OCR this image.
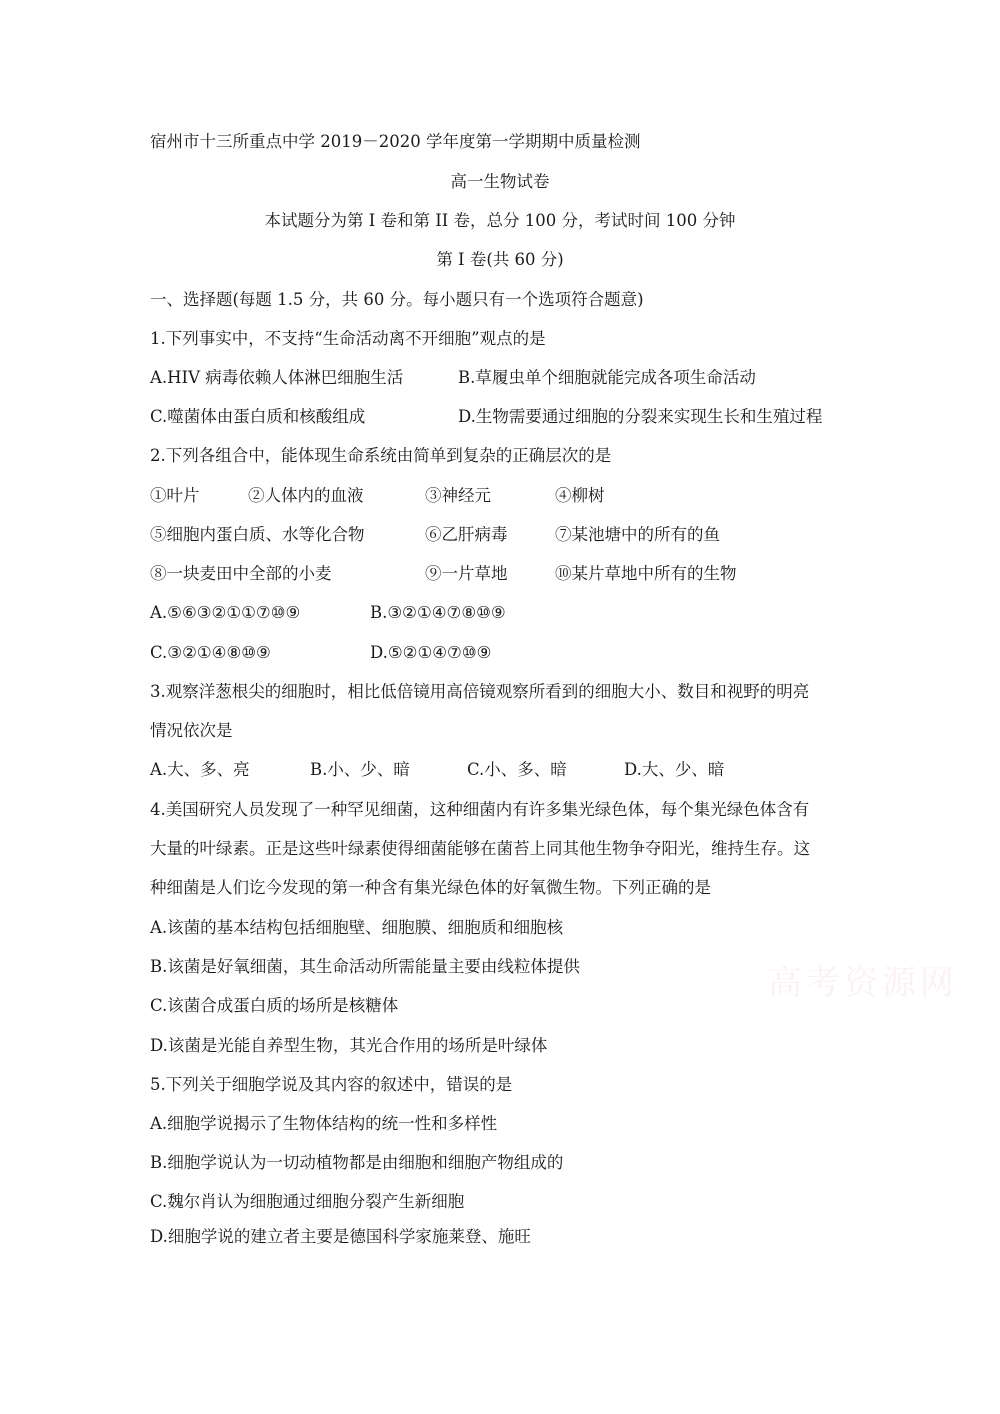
宿州市十三所重点中学 2019－2020 学年度第一学期期中质量检测
高一生物试卷
本试题分为第 I 卷和第 II 卷，总分 100 分，考试时间 100 分钟
第 I 卷(共 60 分)
一、选择题(每题 1.5 分，共 60 分。每小题只有一个选项符合题意)
1.下列事实中，不支持“生命活动离不开细胞”观点的是
A.HIV 病毒依赖人体淋巴细胞生活	B.草履虫单个细胞就能完成各项生命活动
C.噬菌体由蛋白质和核酸组成	D.生物需要通过细胞的分裂来实现生长和生殖过程
2.下列各组合中，能体现生命系统由简单到复杂的正确层次的是
①叶片	②人体内的血液	③神经元	④柳树
⑤细胞内蛋白质、水等化合物	⑥乙肝病毒	⑦某池塘中的所有的鱼
⑧一块麦田中全部的小麦	⑨一片草地	⑩某片草地中所有的生物
A.⑤⑥③②①①⑦⑩⑨	B.③②①④⑦⑧⑩⑨
C.③②①④⑧⑩⑨	D.⑤②①④⑦⑩⑨
3.观察洋葱根尖的细胞时，相比低倍镜用高倍镜观察所看到的细胞大小、数目和视野的明亮
情况依次是
A.大、多、亮	B.小、少、暗	C.小、多、暗	D.大、少、暗
4.美国研究人员发现了一种罕见细菌，这种细菌内有许多集光绿色体，每个集光绿色体含有
大量的叶绿素。正是这些叶绿素使得细菌能够在菌苔上同其他生物争夺阳光，维持生存。这
种细菌是人们讫今发现的第一种含有集光绿色体的好氧微生物。下列正确的是
A.该菌的基本结构包括细胞壁、细胞膜、细胞质和细胞核
B.该菌是好氧细菌，其生命活动所需能量主要由线粒体提供
C.该菌合成蛋白质的场所是核糖体
D.该菌是光能自养型生物，其光合作用的场所是叶绿体
5.下列关于细胞学说及其内容的叙述中，错误的是
A.细胞学说揭示了生物体结构的统一性和多样性
B.细胞学说认为一切动植物都是由细胞和细胞产物组成的
C.魏尔肖认为细胞通过细胞分裂产生新细胞
D.细胞学说的建立者主要是德国科学家施莱登、施旺
高考资源网
